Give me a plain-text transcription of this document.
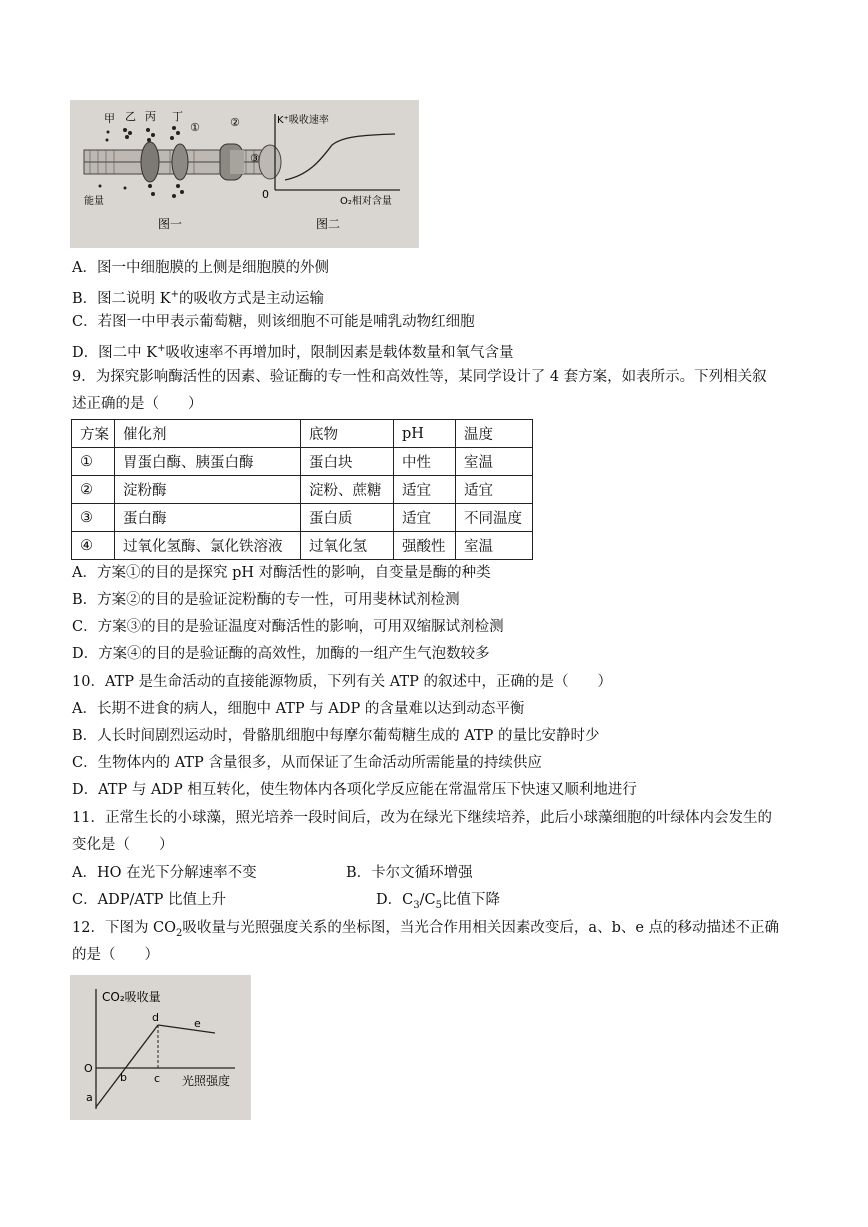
甲 乙 丙 丁
①	②
③
能量
图一
K⁺吸收速率
0
O₂相对含量
图二
A．图一中细胞膜的上侧是细胞膜的外侧
B．图二说明 K+的吸收方式是主动运输
C．若图一中甲表示葡萄糖，则该细胞不可能是哺乳动物红细胞
D．图二中 K+吸收速率不再增加时，限制因素是载体数量和氧气含量
9．为探究影响酶活性的因素、验证酶的专一性和高效性等，某同学设计了 4 套方案，如表所示。下列相关叙
述正确的是（　　）
方案	催化剂	底物	pH	温度
①	胃蛋白酶、胰蛋白酶	蛋白块	中性	室温
②	淀粉酶	淀粉、蔗糖	适宜	适宜
③	蛋白酶	蛋白质	适宜	不同温度
④	过氧化氢酶、氯化铁溶液	过氧化氢	强酸性	室温
A．方案①的目的是探究 pH 对酶活性的影响，自变量是酶的种类
B．方案②的目的是验证淀粉酶的专一性，可用斐林试剂检测
C．方案③的目的是验证温度对酶活性的影响，可用双缩脲试剂检测
D．方案④的目的是验证酶的高效性，加酶的一组产生气泡数较多
10．ATP 是生命活动的直接能源物质，下列有关 ATP 的叙述中，正确的是（　　）
A．长期不进食的病人，细胞中 ATP 与 ADP 的含量难以达到动态平衡
B．人长时间剧烈运动时，骨骼肌细胞中每摩尔葡萄糖生成的 ATP 的量比安静时少
C．生物体内的 ATP 含量很多，从而保证了生命活动所需能量的持续供应
D．ATP 与 ADP 相互转化，使生物体内各项化学反应能在常温常压下快速又顺利地进行
11．正常生长的小球藻，照光培养一段时间后，改为在绿光下继续培养，此后小球藻细胞的叶绿体内会发生的
变化是（　　）
A．HO 在光下分解速率不变	B．卡尔文循环增强
C．ADP/ATP 比值上升	D．$C_3/C_5$比值下降
12．下图为 $CO_2$吸收量与光照强度关系的坐标图，当光合作用相关因素改变后，a、b、e 点的移动描述不正确
的是（　　）
CO₂吸收量
光照强度
O
a
b c
d	e
